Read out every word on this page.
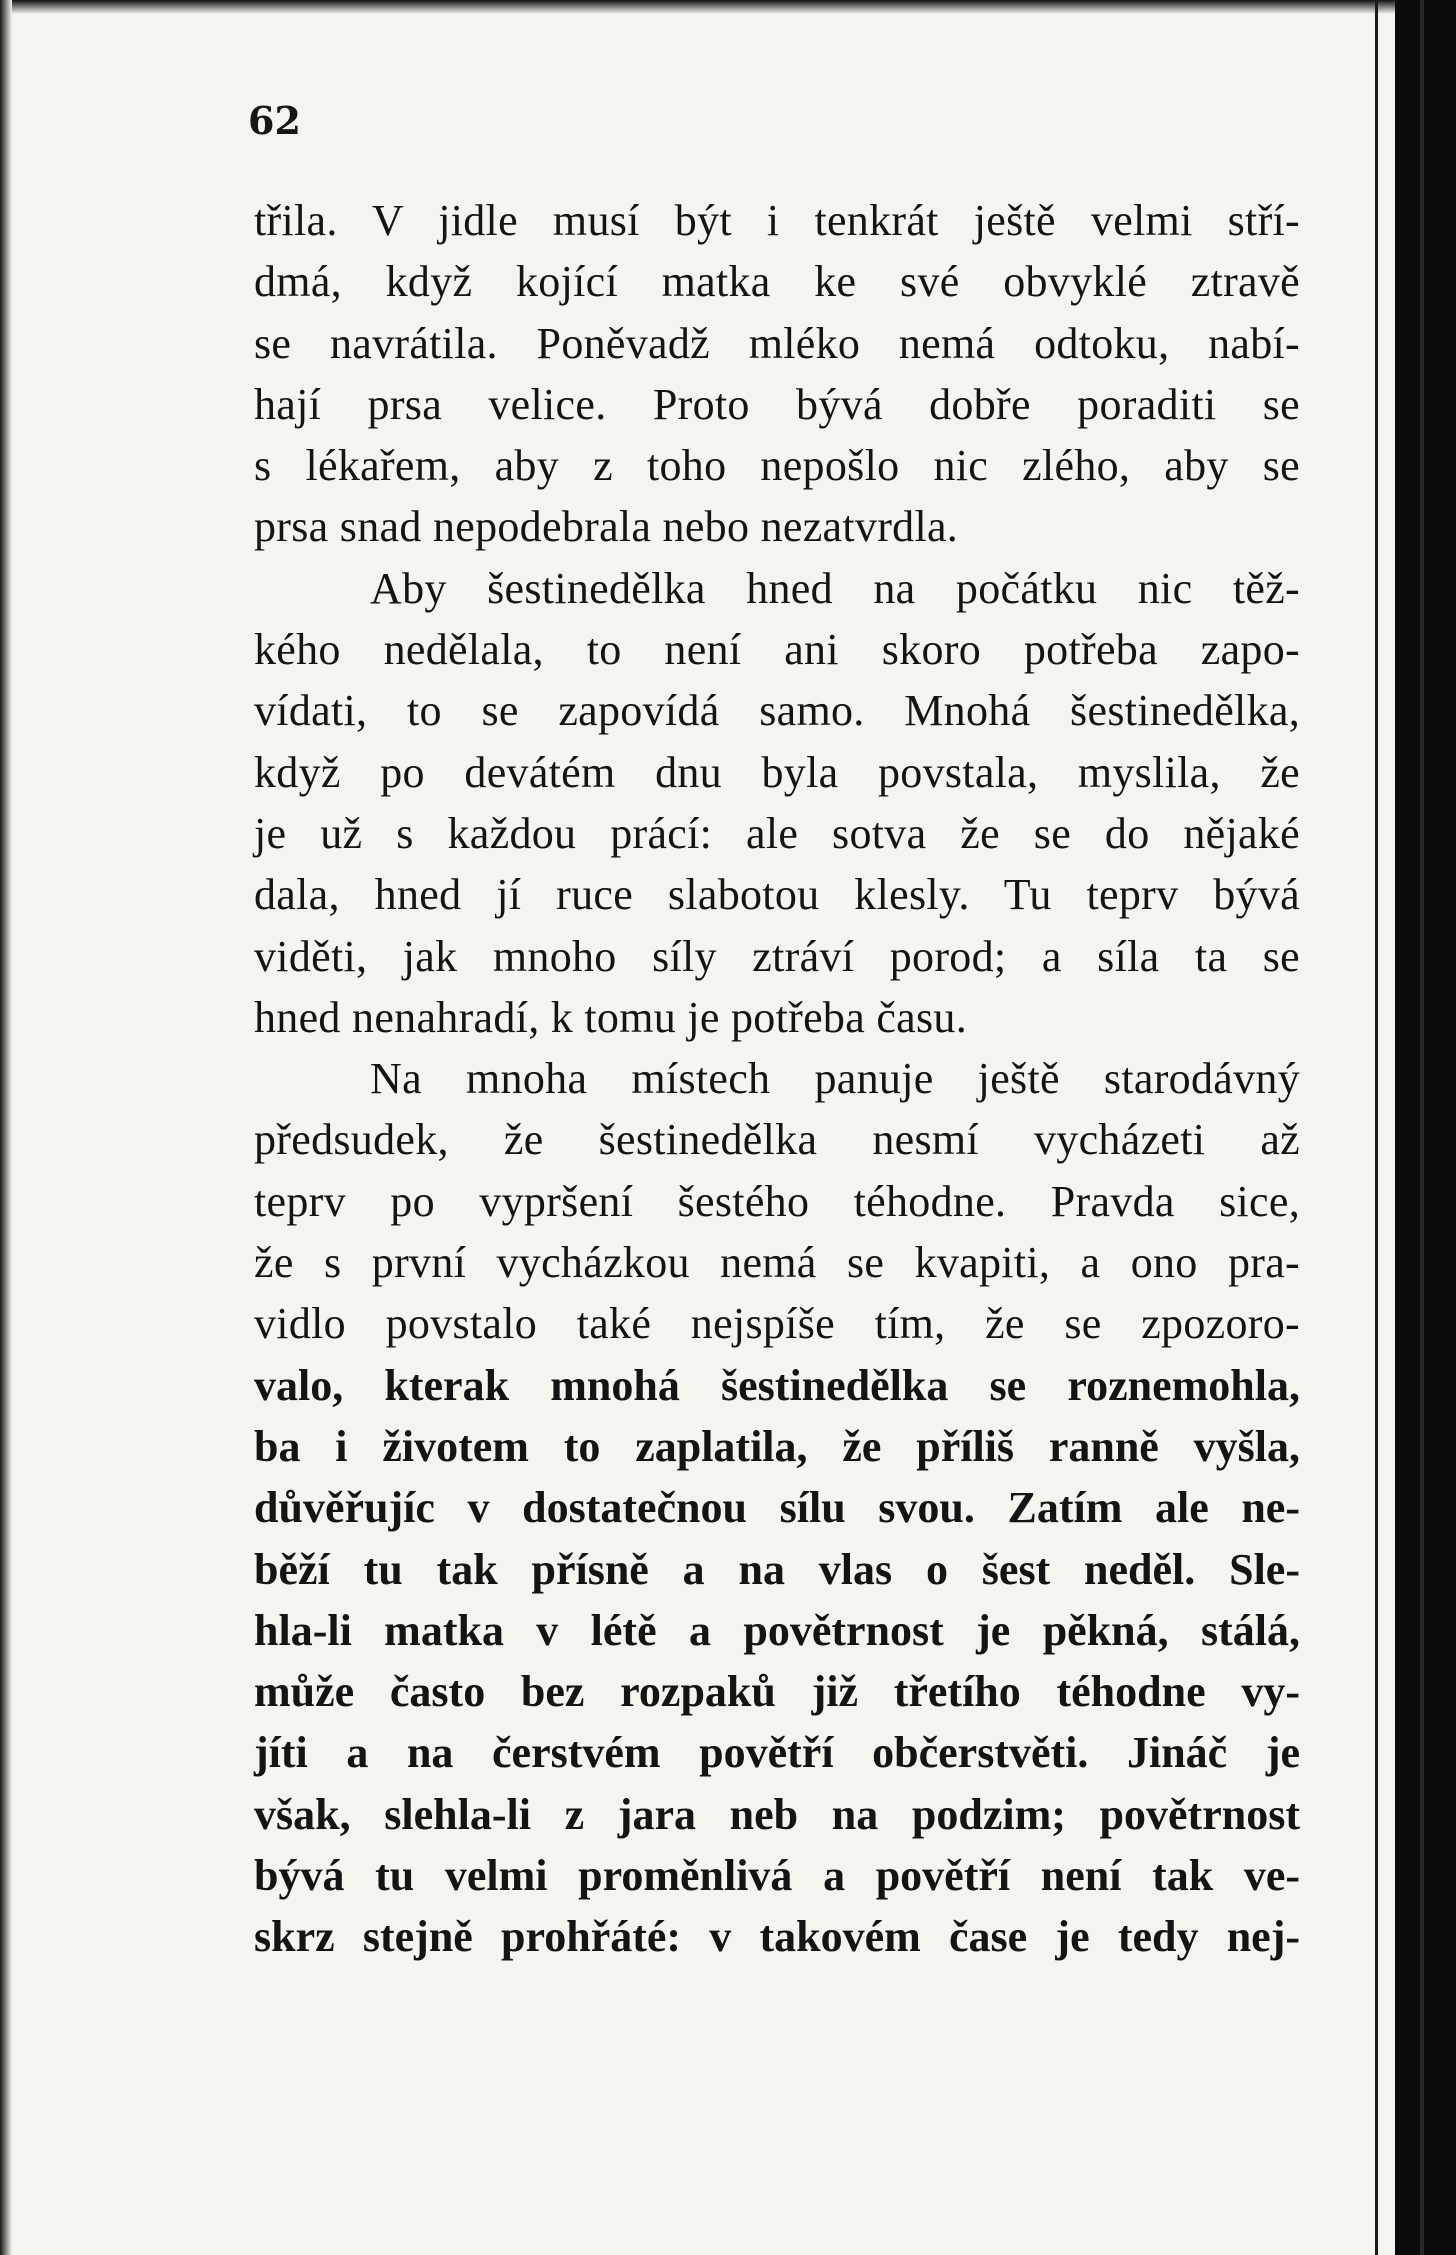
62
třila. V jidle musí být i tenkrát ještě velmi stří-
dmá, když kojící matka ke své obvyklé ztravě
se navrátila. Poněvadž mléko nemá odtoku, nabí-
hají prsa velice. Proto bývá dobře poraditi se
s lékařem, aby z toho nepošlo nic zlého, aby se
prsa snad nepodebrala nebo nezatvrdla.
Aby šestinedělka hned na počátku nic těž-
kého nedělala, to není ani skoro potřeba zapo-
vídati, to se zapovídá samo. Mnohá šestinedělka,
když po devátém dnu byla povstala, myslila, že
je už s každou prácí: ale sotva že se do nějaké
dala, hned jí ruce slabotou klesly. Tu teprv bývá
viděti, jak mnoho síly ztráví porod; a síla ta se
hned nenahradí, k tomu je potřeba času.
Na mnoha místech panuje ještě starodávný
předsudek, že šestinedělka nesmí vycházeti až
teprv po vypršení šestého téhodne. Pravda sice,
že s první vycházkou nemá se kvapiti, a ono pra-
vidlo povstalo také nejspíše tím, že se zpozoro-
valo, kterak mnohá šestinedělka se roznemohla,
ba i životem to zaplatila, že příliš ranně vyšla,
důvěřujíc v dostatečnou sílu svou. Zatím ale ne-
běží tu tak přísně a na vlas o šest neděl. Sle-
hla-li matka v létě a povětrnost je pěkná, stálá,
může často bez rozpaků již třetího téhodne vy-
jíti a na čerstvém povětří občerstvěti. Jináč je
však, slehla-li z jara neb na podzim; povětrnost
bývá tu velmi proměnlivá a povětří není tak ve-
skrz stejně prohřáté: v takovém čase je tedy nej-
